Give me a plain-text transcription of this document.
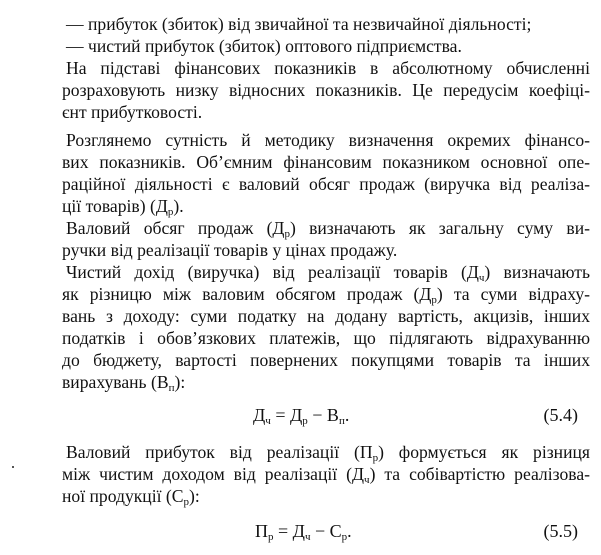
— прибуток (збиток) від звичайної та незвичайної діяльності;
— чистий прибуток (збиток) оптового підприємства.
На підставі фінансових показників в абсолютному обчисленні
розраховують низку відносних показників. Це передусім коефіці-
єнт прибутковості.
Розглянемо сутність й методику визначення окремих фінансо-
вих показників. Об’ємним фінансовим показником основної опе-
раційної діяльності є валовий обсяг продаж (виручка від реаліза-
ції товарів) $(Д_р)$.
Валовий обсяг продаж $(Д_р)$ визначають як загальну суму ви-
ручки від реалізації товарів у цінах продажу.
Чистий дохід (виручка) від реалізації товарів $(Д_ч)$ визначають
як різницю між валовим обсягом продаж $(Д_р)$ та суми відраху-
вань з доходу: суми податку на додану вартість, акцизів, інших
податків і обов’язкових платежів, що підлягають відрахуванню
до бюджету, вартості повернених покупцями товарів та інших
вирахувань $(В_п)$:
$Д_ч = Д_р - В_п$.	(5.4)
Валовий прибуток від реалізації $(П_р)$ формується як різниця
між чистим доходом від реалізації $(Д_ч)$ та собівартістю реалізова-
ної продукції $(С_р)$:
$П_р = Д_ч - С_р$.	(5.5)
